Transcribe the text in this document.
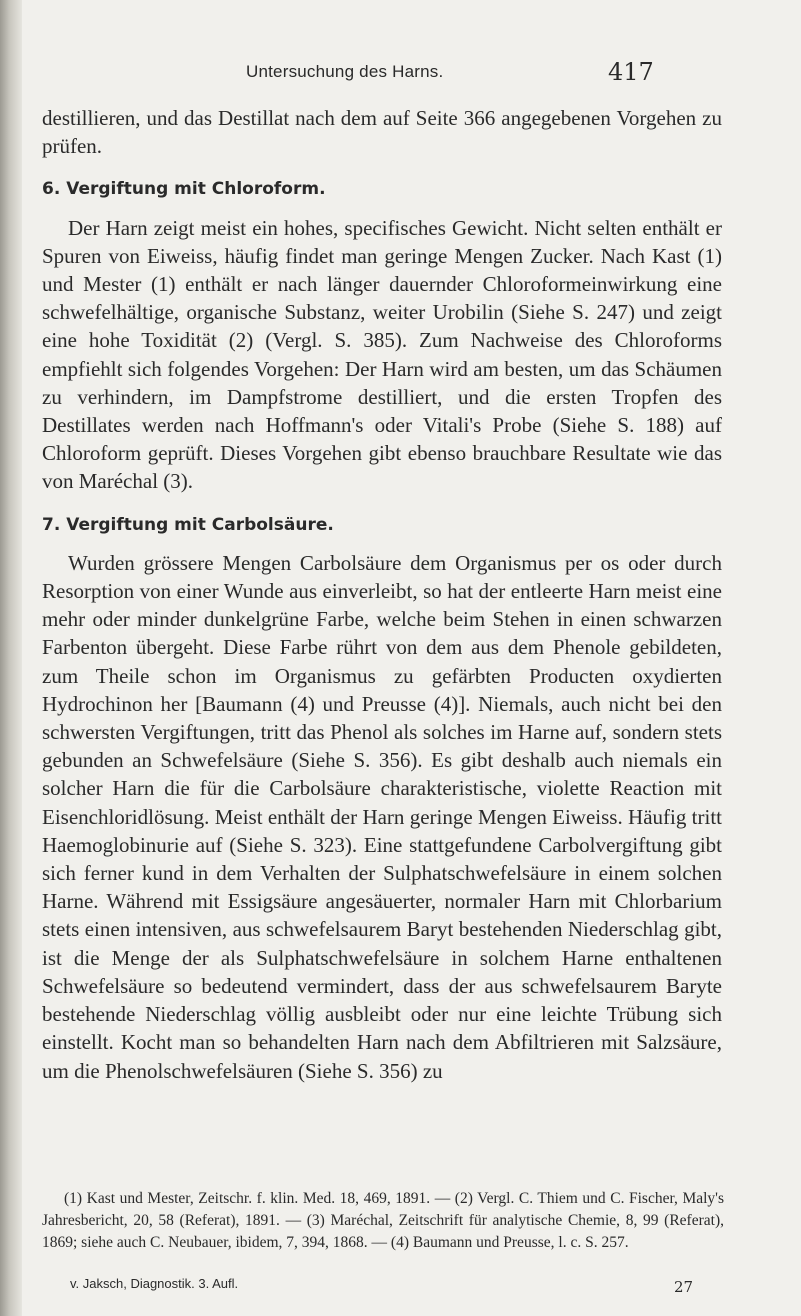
Untersuchung des Harns.	417

destillieren, und das Destillat nach dem auf Seite 366 angegebenen Vorgehen zu prüfen.

6. Vergiftung mit Chloroform.

Der Harn zeigt meist ein hohes, specifisches Gewicht. Nicht selten enthält er Spuren von Eiweiss, häufig findet man geringe Mengen Zucker. Nach Kast (1) und Mester (1) enthält er nach länger dauernder Chloroformeinwirkung eine schwefelhältige, organische Substanz, weiter Urobilin (Siehe S. 247) und zeigt eine hohe Toxidität (2) (Vergl. S. 385). Zum Nachweise des Chloroforms empfiehlt sich folgendes Vorgehen: Der Harn wird am besten, um das Schäumen zu verhindern, im Dampfstrome destilliert, und die ersten Tropfen des Destillates werden nach Hoffmann's oder Vitali's Probe (Siehe S. 188) auf Chloroform geprüft. Dieses Vorgehen gibt ebenso brauchbare Resultate wie das von Maréchal (3).

7. Vergiftung mit Carbolsäure.

Wurden grössere Mengen Carbolsäure dem Organismus per os oder durch Resorption von einer Wunde aus einverleibt, so hat der entleerte Harn meist eine mehr oder minder dunkelgrüne Farbe, welche beim Stehen in einen schwarzen Farbenton übergeht. Diese Farbe rührt von dem aus dem Phenole gebildeten, zum Theile schon im Organismus zu gefärbten Producten oxydierten Hydrochinon her [Baumann (4) und Preusse (4)]. Niemals, auch nicht bei den schwersten Vergiftungen, tritt das Phenol als solches im Harne auf, sondern stets gebunden an Schwefelsäure (Siehe S. 356). Es gibt deshalb auch niemals ein solcher Harn die für die Carbolsäure charakteristische, violette Reaction mit Eisenchloridlösung. Meist enthält der Harn geringe Mengen Eiweiss. Häufig tritt Haemoglobinurie auf (Siehe S. 323). Eine stattgefundene Carbolvergiftung gibt sich ferner kund in dem Verhalten der Sulphatschwefelsäure in einem solchen Harne. Während mit Essigsäure angesäuerter, normaler Harn mit Chlorbarium stets einen intensiven, aus schwefelsaurem Baryt bestehenden Niederschlag gibt, ist die Menge der als Sulphatschwefelsäure in solchem Harne enthaltenen Schwefelsäure so bedeutend vermindert, dass der aus schwefelsaurem Baryte bestehende Niederschlag völlig ausbleibt oder nur eine leichte Trübung sich einstellt. Kocht man so behandelten Harn nach dem Abfiltrieren mit Salzsäure, um die Phenolschwefelsäuren (Siehe S. 356) zu

(1) Kast und Mester, Zeitschr. f. klin. Med. 18, 469, 1891. — (2) Vergl. C. Thiem und C. Fischer, Maly's Jahresbericht, 20, 58 (Referat), 1891. — (3) Maréchal, Zeitschrift für analytische Chemie, 8, 99 (Referat), 1869; siehe auch C. Neubauer, ibidem, 7, 394, 1868. — (4) Baumann und Preusse, l. c. S. 257.

v. Jaksch, Diagnostik. 3. Aufl.	27
